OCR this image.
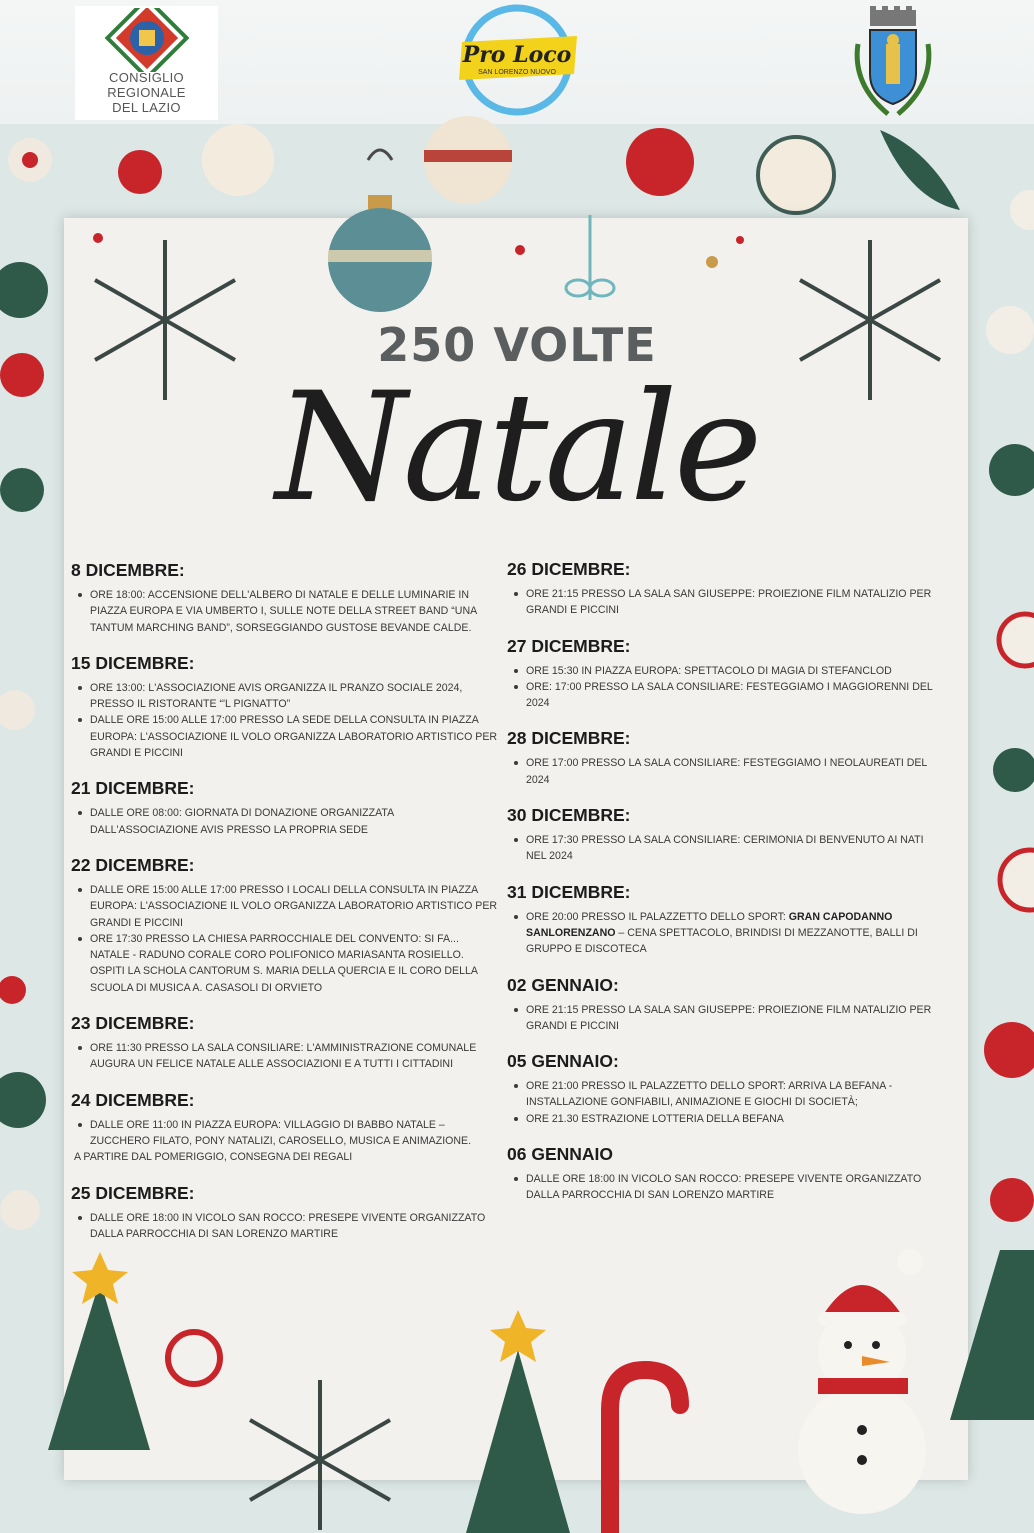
CONSIGLIO
REGIONALE
DEL LAZIO
Pro Loco
SAN LORENZO NUOVO
250 VOLTE
Natale
8 DICEMBRE:
ORE 18:00: ACCENSIONE DELL'ALBERO DI NATALE E DELLE LUMINARIE IN PIAZZA EUROPA E VIA UMBERTO I, SULLE NOTE DELLA STREET BAND “UNA TANTUM MARCHING BAND”, SORSEGGIANDO GUSTOSE BEVANDE CALDE.
15 DICEMBRE:
ORE 13:00: L'ASSOCIAZIONE AVIS ORGANIZZA IL PRANZO SOCIALE 2024, PRESSO IL RISTORANTE “'L PIGNATTO”
DALLE ORE 15:00 ALLE 17:00 PRESSO LA SEDE DELLA CONSULTA IN PIAZZA EUROPA: L'ASSOCIAZIONE IL VOLO ORGANIZZA LABORATORIO ARTISTICO PER GRANDI E PICCINI
21 DICEMBRE:
DALLE ORE 08:00: GIORNATA DI DONAZIONE ORGANIZZATA DALL'ASSOCIAZIONE AVIS PRESSO LA PROPRIA SEDE
22 DICEMBRE:
DALLE ORE 15:00 ALLE 17:00 PRESSO I LOCALI DELLA CONSULTA IN PIAZZA EUROPA: L'ASSOCIAZIONE IL VOLO ORGANIZZA LABORATORIO ARTISTICO PER GRANDI E PICCINI
ORE 17:30 PRESSO LA CHIESA PARROCCHIALE DEL CONVENTO: SI FA... NATALE - RADUNO CORALE CORO POLIFONICO MARIASANTA ROSIELLO. OSPITI LA SCHOLA CANTORUM S. MARIA DELLA QUERCIA E IL CORO DELLA SCUOLA DI MUSICA A. CASASOLI DI ORVIETO
23 DICEMBRE:
ORE 11:30 PRESSO LA SALA CONSILIARE: L'AMMINISTRAZIONE COMUNALE AUGURA UN FELICE NATALE ALLE ASSOCIAZIONI E A TUTTI I CITTADINI
24 DICEMBRE:
DALLE ORE 11:00 IN PIAZZA EUROPA: VILLAGGIO DI BABBO NATALE – ZUCCHERO FILATO, PONY NATALIZI, CAROSELLO, MUSICA E ANIMAZIONE.
A PARTIRE DAL POMERIGGIO, CONSEGNA DEI REGALI
25 DICEMBRE:
DALLE ORE 18:00 IN VICOLO SAN ROCCO: PRESEPE VIVENTE ORGANIZZATO DALLA PARROCCHIA DI SAN LORENZO MARTIRE
26 DICEMBRE:
ORE 21:15 PRESSO LA SALA SAN GIUSEPPE: PROIEZIONE FILM NATALIZIO PER GRANDI E PICCINI
27 DICEMBRE:
ORE 15:30 IN PIAZZA EUROPA: SPETTACOLO DI MAGIA DI STEFANCLOD
ORE: 17:00 PRESSO LA SALA CONSILIARE: FESTEGGIAMO I MAGGIORENNI DEL 2024
28 DICEMBRE:
ORE 17:00 PRESSO LA SALA CONSILIARE: FESTEGGIAMO I NEOLAUREATI DEL 2024
30 DICEMBRE:
ORE 17:30 PRESSO LA SALA CONSILIARE: CERIMONIA DI BENVENUTO AI NATI NEL 2024
31 DICEMBRE:
ORE 20:00 PRESSO IL PALAZZETTO DELLO SPORT: GRAN CAPODANNO SANLORENZANO – CENA SPETTACOLO, BRINDISI DI MEZZANOTTE, BALLI DI GRUPPO E DISCOTECA
02 GENNAIO:
ORE 21:15 PRESSO LA SALA SAN GIUSEPPE: PROIEZIONE FILM NATALIZIO PER GRANDI E PICCINI
05 GENNAIO:
ORE 21:00 PRESSO IL PALAZZETTO DELLO SPORT: ARRIVA LA BEFANA - INSTALLAZIONE GONFIABILI, ANIMAZIONE E GIOCHI DI SOCIETÀ;
ORE 21.30 ESTRAZIONE LOTTERIA DELLA BEFANA
06 GENNAIO
DALLE ORE 18:00 IN VICOLO SAN ROCCO: PRESEPE VIVENTE ORGANIZZATO DALLA PARROCCHIA DI SAN LORENZO MARTIRE
